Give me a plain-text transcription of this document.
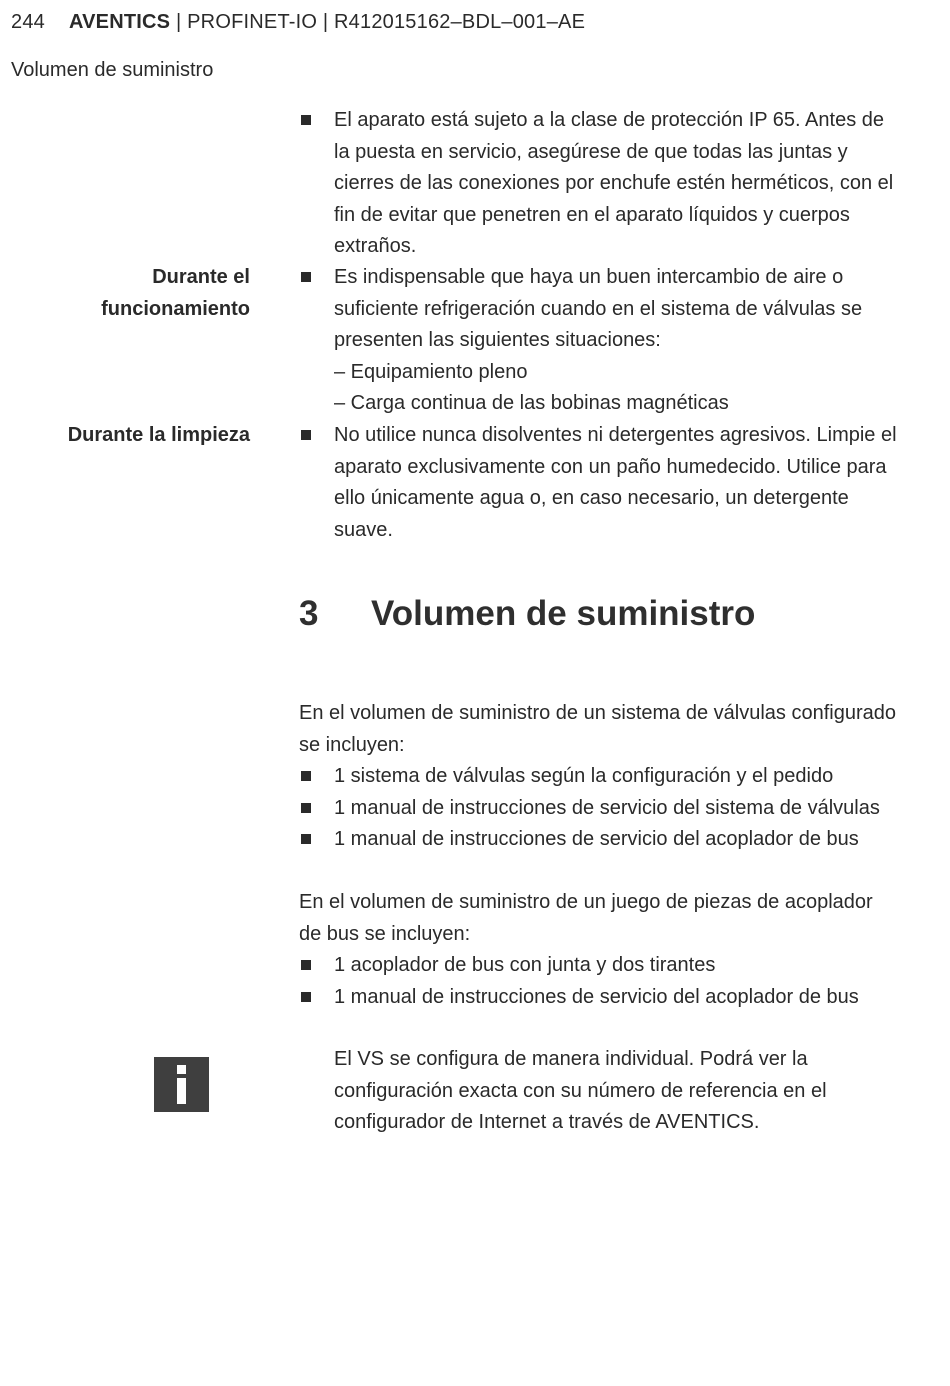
244 AVENTICS | PROFINET-IO | R412015162–BDL–001–AE
Volumen de suministro
El aparato está sujeto a la clase de protección IP 65. Antes de la puesta en servicio, asegúrese de que todas las juntas y cierres de las conexiones por enchufe estén herméticos, con el fin de evitar que penetren en el aparato líquidos y cuerpos extraños.
Durante el
funcionamiento
Es indispensable que haya un buen intercambio de aire o suficiente refrigeración cuando en el sistema de válvulas se presenten las siguientes situaciones:
– Equipamiento pleno
– Carga continua de las bobinas magnéticas
Durante la limpieza	No utilice nunca disolventes ni detergentes agresivos. Limpie el aparato exclusivamente con un paño humedecido. Utilice para ello únicamente agua o, en caso necesario, un detergente suave.
3 Volumen de suministro

En el volumen de suministro de un sistema de válvulas configurado se incluyen:

1 sistema de válvulas según la configuración y el pedido
1 manual de instrucciones de servicio del sistema de válvulas
1 manual de instrucciones de servicio del acoplador de bus

En el volumen de suministro de un juego de piezas de acoplador de bus se incluyen:

1 acoplador de bus con junta y dos tirantes
1 manual de instrucciones de servicio del acoplador de bus
El VS se configura de manera individual. Podrá ver la configuración exacta con su número de referencia en el configurador de Internet a través de AVENTICS.
